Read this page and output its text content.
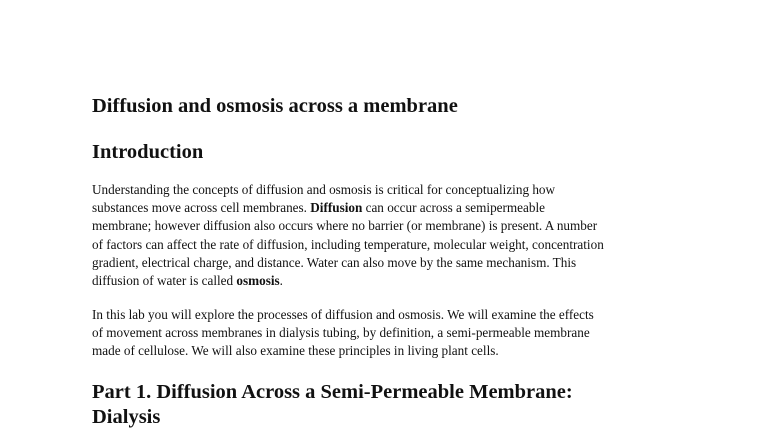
Diffusion and osmosis across a membrane
Introduction

Understanding the concepts of diffusion and osmosis is critical for conceptualizing how
substances move across cell membranes. Diffusion can occur across a semipermeable
membrane; however diffusion also occurs where no barrier (or membrane) is present. A number
of factors can affect the rate of diffusion, including temperature, molecular weight, concentration
gradient, electrical charge, and distance. Water can also move by the same mechanism. This
diffusion of water is called osmosis.

In this lab you will explore the processes of diffusion and osmosis. We will examine the effects
of movement across membranes in dialysis tubing, by definition, a semi-permeable membrane
made of cellulose. We will also examine these principles in living plant cells.

Part 1. Diffusion Across a Semi-Permeable Membrane:
Dialysis
